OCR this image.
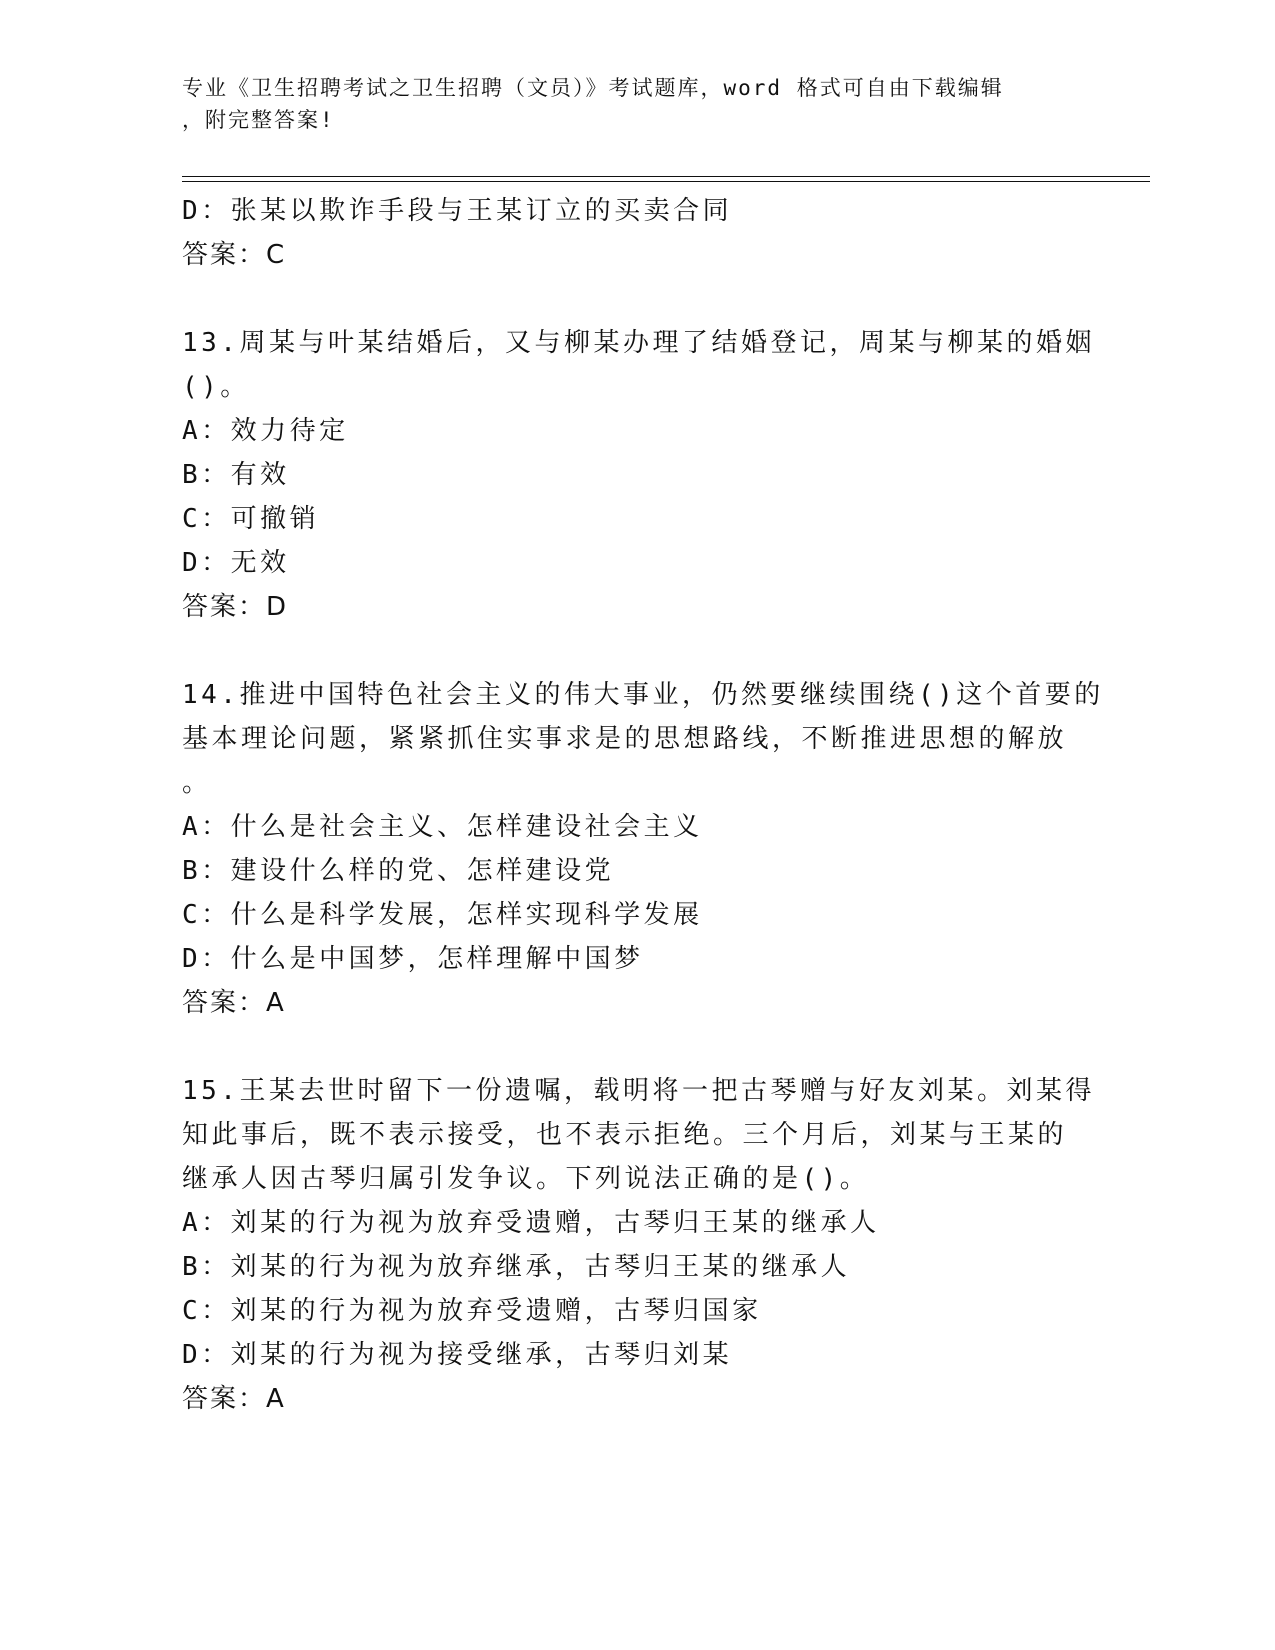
专业《卫生招聘考试之卫生招聘（文员）》考试题库，word 格式可自由下载编辑
，附完整答案!
D：张某以欺诈手段与王某订立的买卖合同
答案：C
13.周某与叶某结婚后，又与柳某办理了结婚登记，周某与柳某的婚姻
()。
A：效力待定
B：有效
C：可撤销
D：无效
答案：D
14.推进中国特色社会主义的伟大事业，仍然要继续围绕()这个首要的
基本理论问题，紧紧抓住实事求是的思想路线，不断推进思想的解放
。
A：什么是社会主义、怎样建设社会主义
B：建设什么样的党、怎样建设党
C：什么是科学发展，怎样实现科学发展
D：什么是中国梦，怎样理解中国梦
答案：A
15.王某去世时留下一份遗嘱，载明将一把古琴赠与好友刘某。刘某得
知此事后，既不表示接受，也不表示拒绝。三个月后，刘某与王某的
继承人因古琴归属引发争议。下列说法正确的是()。
A：刘某的行为视为放弃受遗赠，古琴归王某的继承人
B：刘某的行为视为放弃继承，古琴归王某的继承人
C：刘某的行为视为放弃受遗赠，古琴归国家
D：刘某的行为视为接受继承，古琴归刘某
答案：A
